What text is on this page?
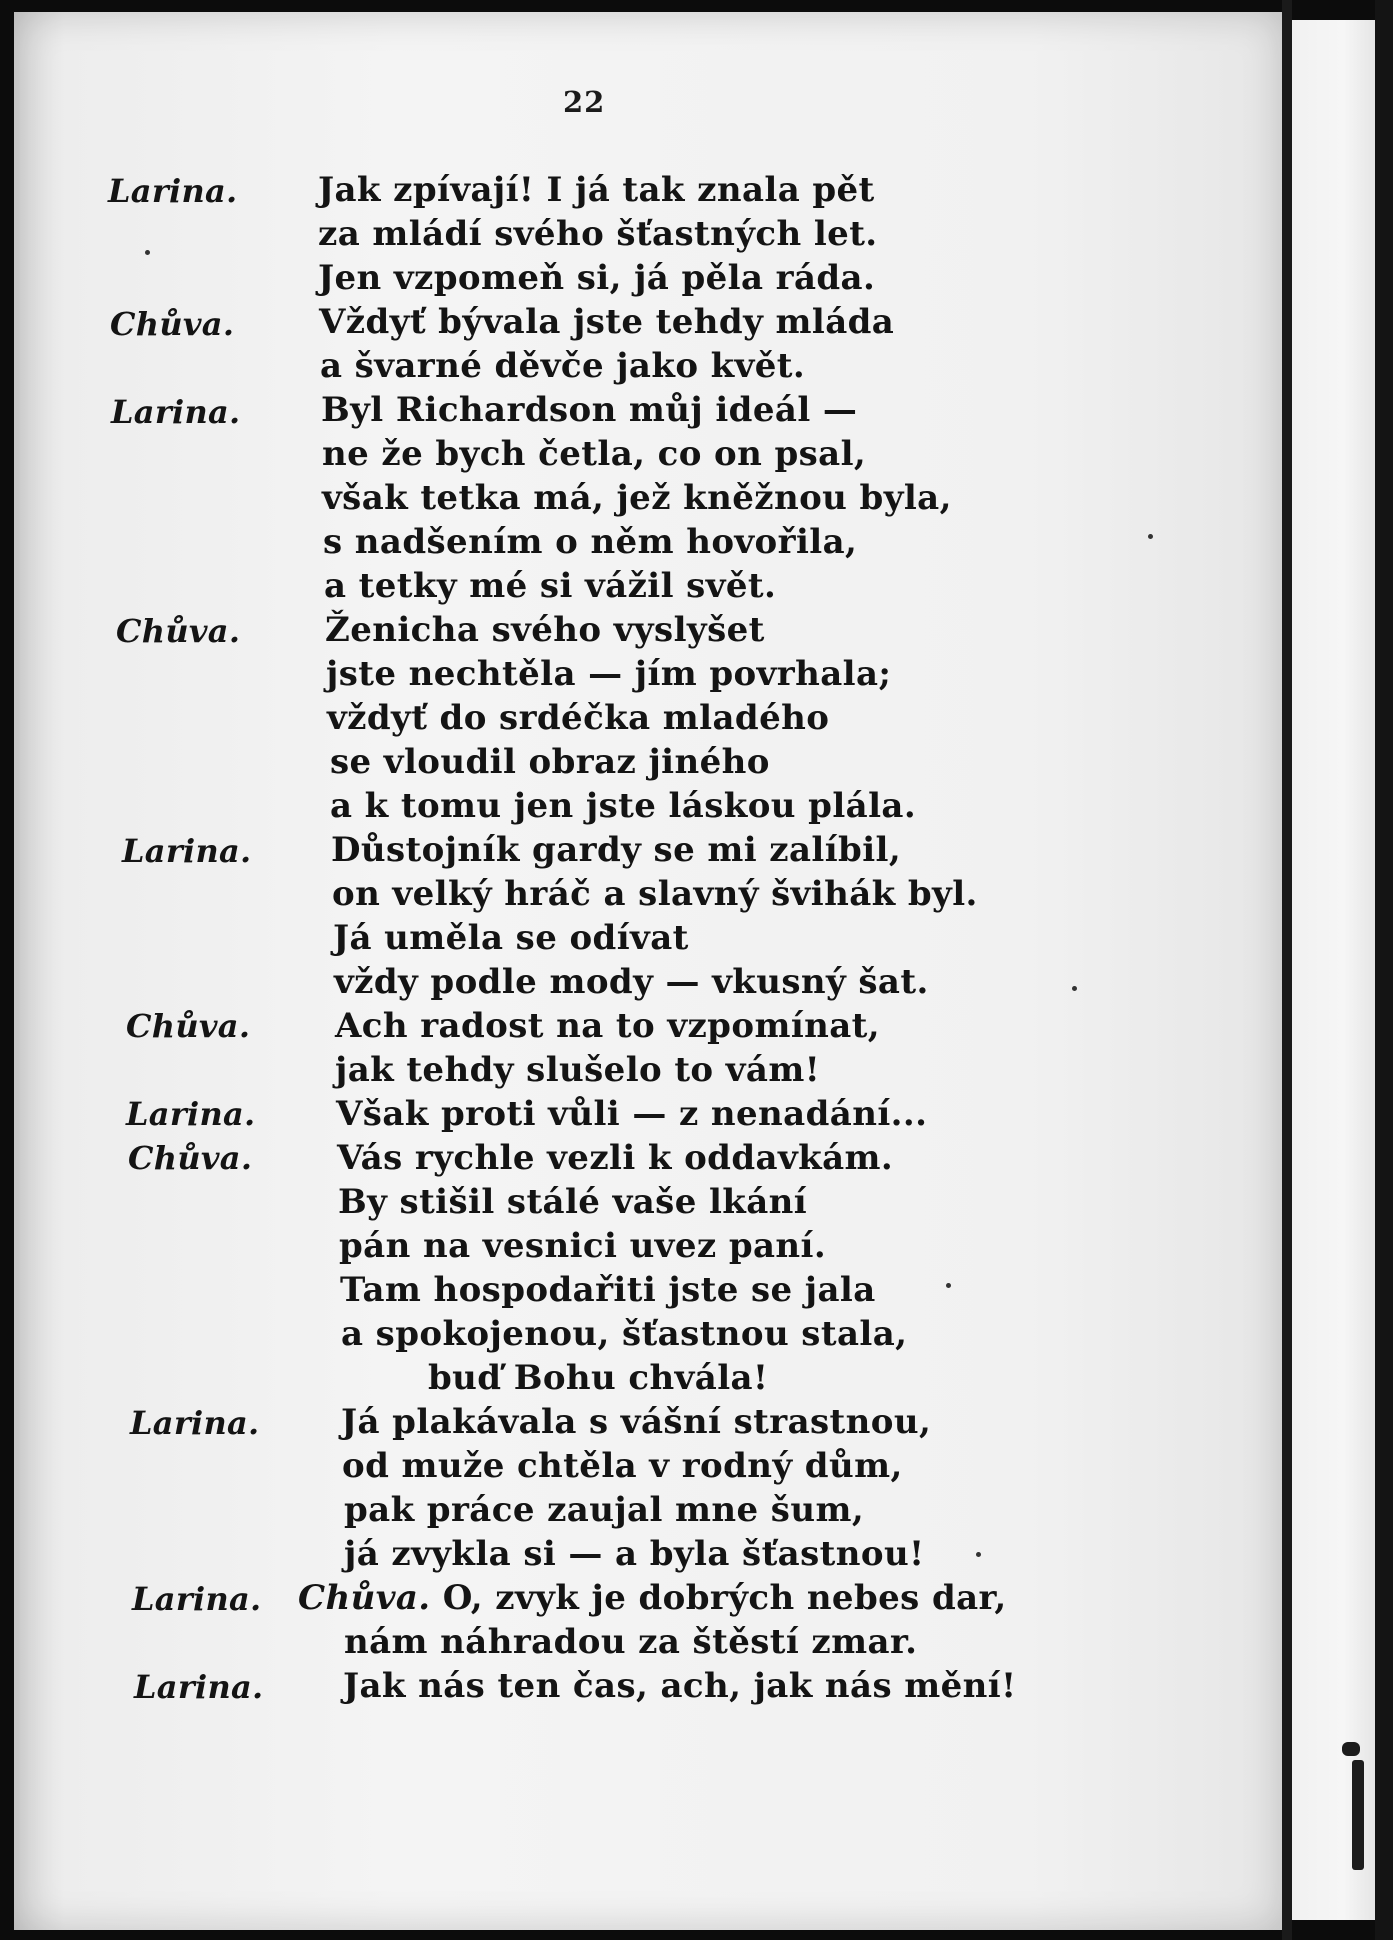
22
Larina.
Chůva.
Larina.
Chůva.
Larina.
Chůva.
Larina.
Chůva.
Larina.
Larina.
Larina.
Jak zpívají! I já tak znala pět
za mládí svého šťastných let.
Jen vzpomeň si, já pěla ráda.
Vždyť bývala jste tehdy mláda
a švarné děvče jako květ.
Byl Richardson můj ideál —
ne že bych četla, co on psal,
však tetka má, jež kněžnou byla,
s nadšením o něm hovořila,
a tetky mé si vážil svět.
Ženicha svého vyslyšet
jste nechtěla — jím povrhala;
vždyť do srdéčka mladého
se vloudil obraz jiného
a k tomu jen jste láskou plála.
Důstojník gardy se mi zalíbil,
on velký hráč a slavný švihák byl.
Já uměla se odívat
vždy podle mody — vkusný šat.
Ach radost na to vzpomínat,
jak tehdy slušelo to vám!
Však proti vůli — z nenadání...
Vás rychle vezli k oddavkám.
By stišil stálé vaše lkání
pán na vesnici uvez paní.
Tam hospodařiti jste se jala
a spokojenou, šťastnou stala,
buď Bohu chvála!
Já plakávala s vášní strastnou,
od muže chtěla v rodný dům,
pak práce zaujal mne šum,
já zvykla si — a byla šťastnou!
Chůva. O, zvyk je dobrých nebes dar,
nám náhradou za štěstí zmar.
Jak nás ten čas, ach, jak nás mění!
